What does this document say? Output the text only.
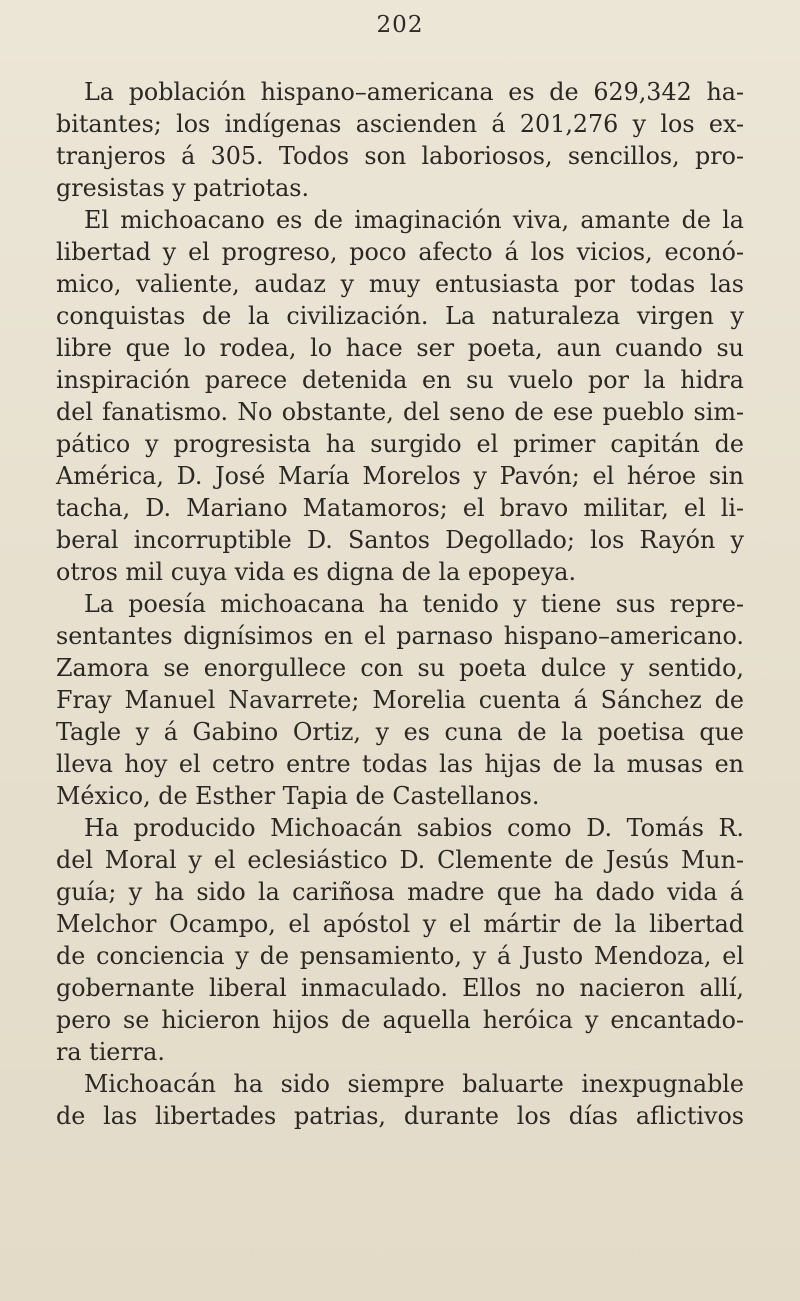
202
La población hispano–americana es de 629,342 ha-
bitantes; los indígenas ascienden á 201,276 y los ex-
tranjeros á 305. Todos son laboriosos, sencillos, pro-
gresistas y patriotas.
El michoacano es de imaginación viva, amante de la
libertad y el progreso, poco afecto á los vicios, econó-
mico, valiente, audaz y muy entusiasta por todas las
conquistas de la civilización. La naturaleza virgen y
libre que lo rodea, lo hace ser poeta, aun cuando su
inspiración parece detenida en su vuelo por la hidra
del fanatismo. No obstante, del seno de ese pueblo sim-
pático y progresista ha surgido el primer capitán de
América, D. José María Morelos y Pavón; el héroe sin
tacha, D. Mariano Matamoros; el bravo militar, el li-
beral incorruptible D. Santos Degollado; los Rayón y
otros mil cuya vida es digna de la epopeya.
La poesía michoacana ha tenido y tiene sus repre-
sentantes dignísimos en el parnaso hispano–americano.
Zamora se enorgullece con su poeta dulce y sentido,
Fray Manuel Navarrete; Morelia cuenta á Sánchez de
Tagle y á Gabino Ortiz, y es cuna de la poetisa que
lleva hoy el cetro entre todas las hijas de la musas en
México, de Esther Tapia de Castellanos.
Ha producido Michoacán sabios como D. Tomás R.
del Moral y el eclesiástico D. Clemente de Jesús Mun-
guía; y ha sido la cariñosa madre que ha dado vida á
Melchor Ocampo, el apóstol y el mártir de la libertad
de conciencia y de pensamiento, y á Justo Mendoza, el
gobernante liberal inmaculado. Ellos no nacieron allí,
pero se hicieron hijos de aquella heróica y encantado-
ra tierra.
Michoacán ha sido siempre baluarte inexpugnable
de las libertades patrias, durante los días aflictivos
